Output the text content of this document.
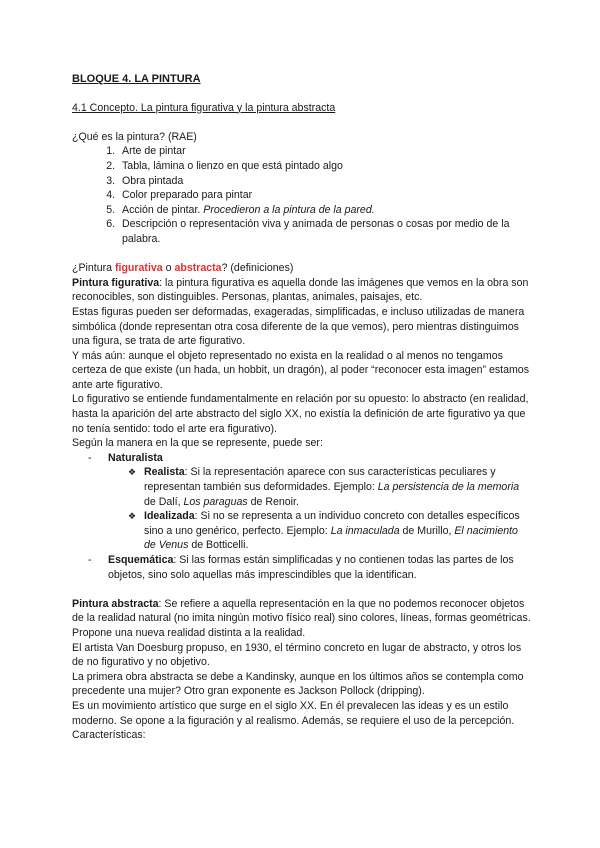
BLOQUE 4. LA PINTURA

4.1 Concepto. La pintura figurativa y la pintura abstracta

¿Qué es la pintura? (RAE)

1. Arte de pintar
2. Tabla, lámina o lienzo en que está pintado algo
3. Obra pintada
4. Color preparado para pintar
5. Acción de pintar. Procedieron a la pintura de la pared.
6. Descripción o representación viva y animada de personas o cosas por medio de la palabra.

¿Pintura figurativa o abstracta? (definiciones)

Pintura figurativa: la pintura figurativa es aquella donde las imágenes que vemos en la obra son reconocibles, son distinguibles. Personas, plantas, animales, paisajes, etc.

Estas figuras pueden ser deformadas, exageradas, simplificadas, e incluso utilizadas de manera simbólica (donde representan otra cosa diferente de la que vemos), pero mientras distinguimos una figura, se trata de arte figurativo.

Y más aún: aunque el objeto representado no exista en la realidad o al menos no tengamos certeza de que existe (un hada, un hobbit, un dragón), al poder “reconocer esta imagen” estamos ante arte figurativo.

Lo figurativo se entiende fundamentalmente en relación por su opuesto: lo abstracto (en realidad, hasta la aparición del arte abstracto del siglo XX, no existía la definición de arte figurativo ya que no tenía sentido: todo el arte era figurativo).

Según la manera en la que se represente, puede ser:

- Naturalista
❖ Realista: Si la representación aparece con sus características peculiares y representan también sus deformidades. Ejemplo: La persistencia de la memoria de Dalí, Los paraguas de Renoir.
❖ Idealizada: Si no se representa a un individuo concreto con detalles específicos sino a uno genérico, perfecto. Ejemplo: La inmaculada de Murillo, El nacimiento de Venus de Botticelli.
- Esquemática: Si las formas están simplificadas y no contienen todas las partes de los objetos, sino solo aquellas más imprescindibles que la identifican.

Pintura abstracta: Se refiere a aquella representación en la que no podemos reconocer objetos de la realidad natural (no imita ningún motivo físico real) sino colores, líneas, formas geométricas. Propone una nueva realidad distinta a la realidad.

El artista Van Doesburg propuso, en 1930, el término concreto en lugar de abstracto, y otros los de no figurativo y no objetivo.

La primera obra abstracta se debe a Kandinsky, aunque en los últimos años se contempla como precedente una mujer? Otro gran exponente es Jackson Pollock (dripping).

Es un movimiento artístico que surge en el siglo XX. En él prevalecen las ideas y es un estilo moderno. Se opone a la figuración y al realismo. Además, se requiere el uso de la percepción.

Características:
